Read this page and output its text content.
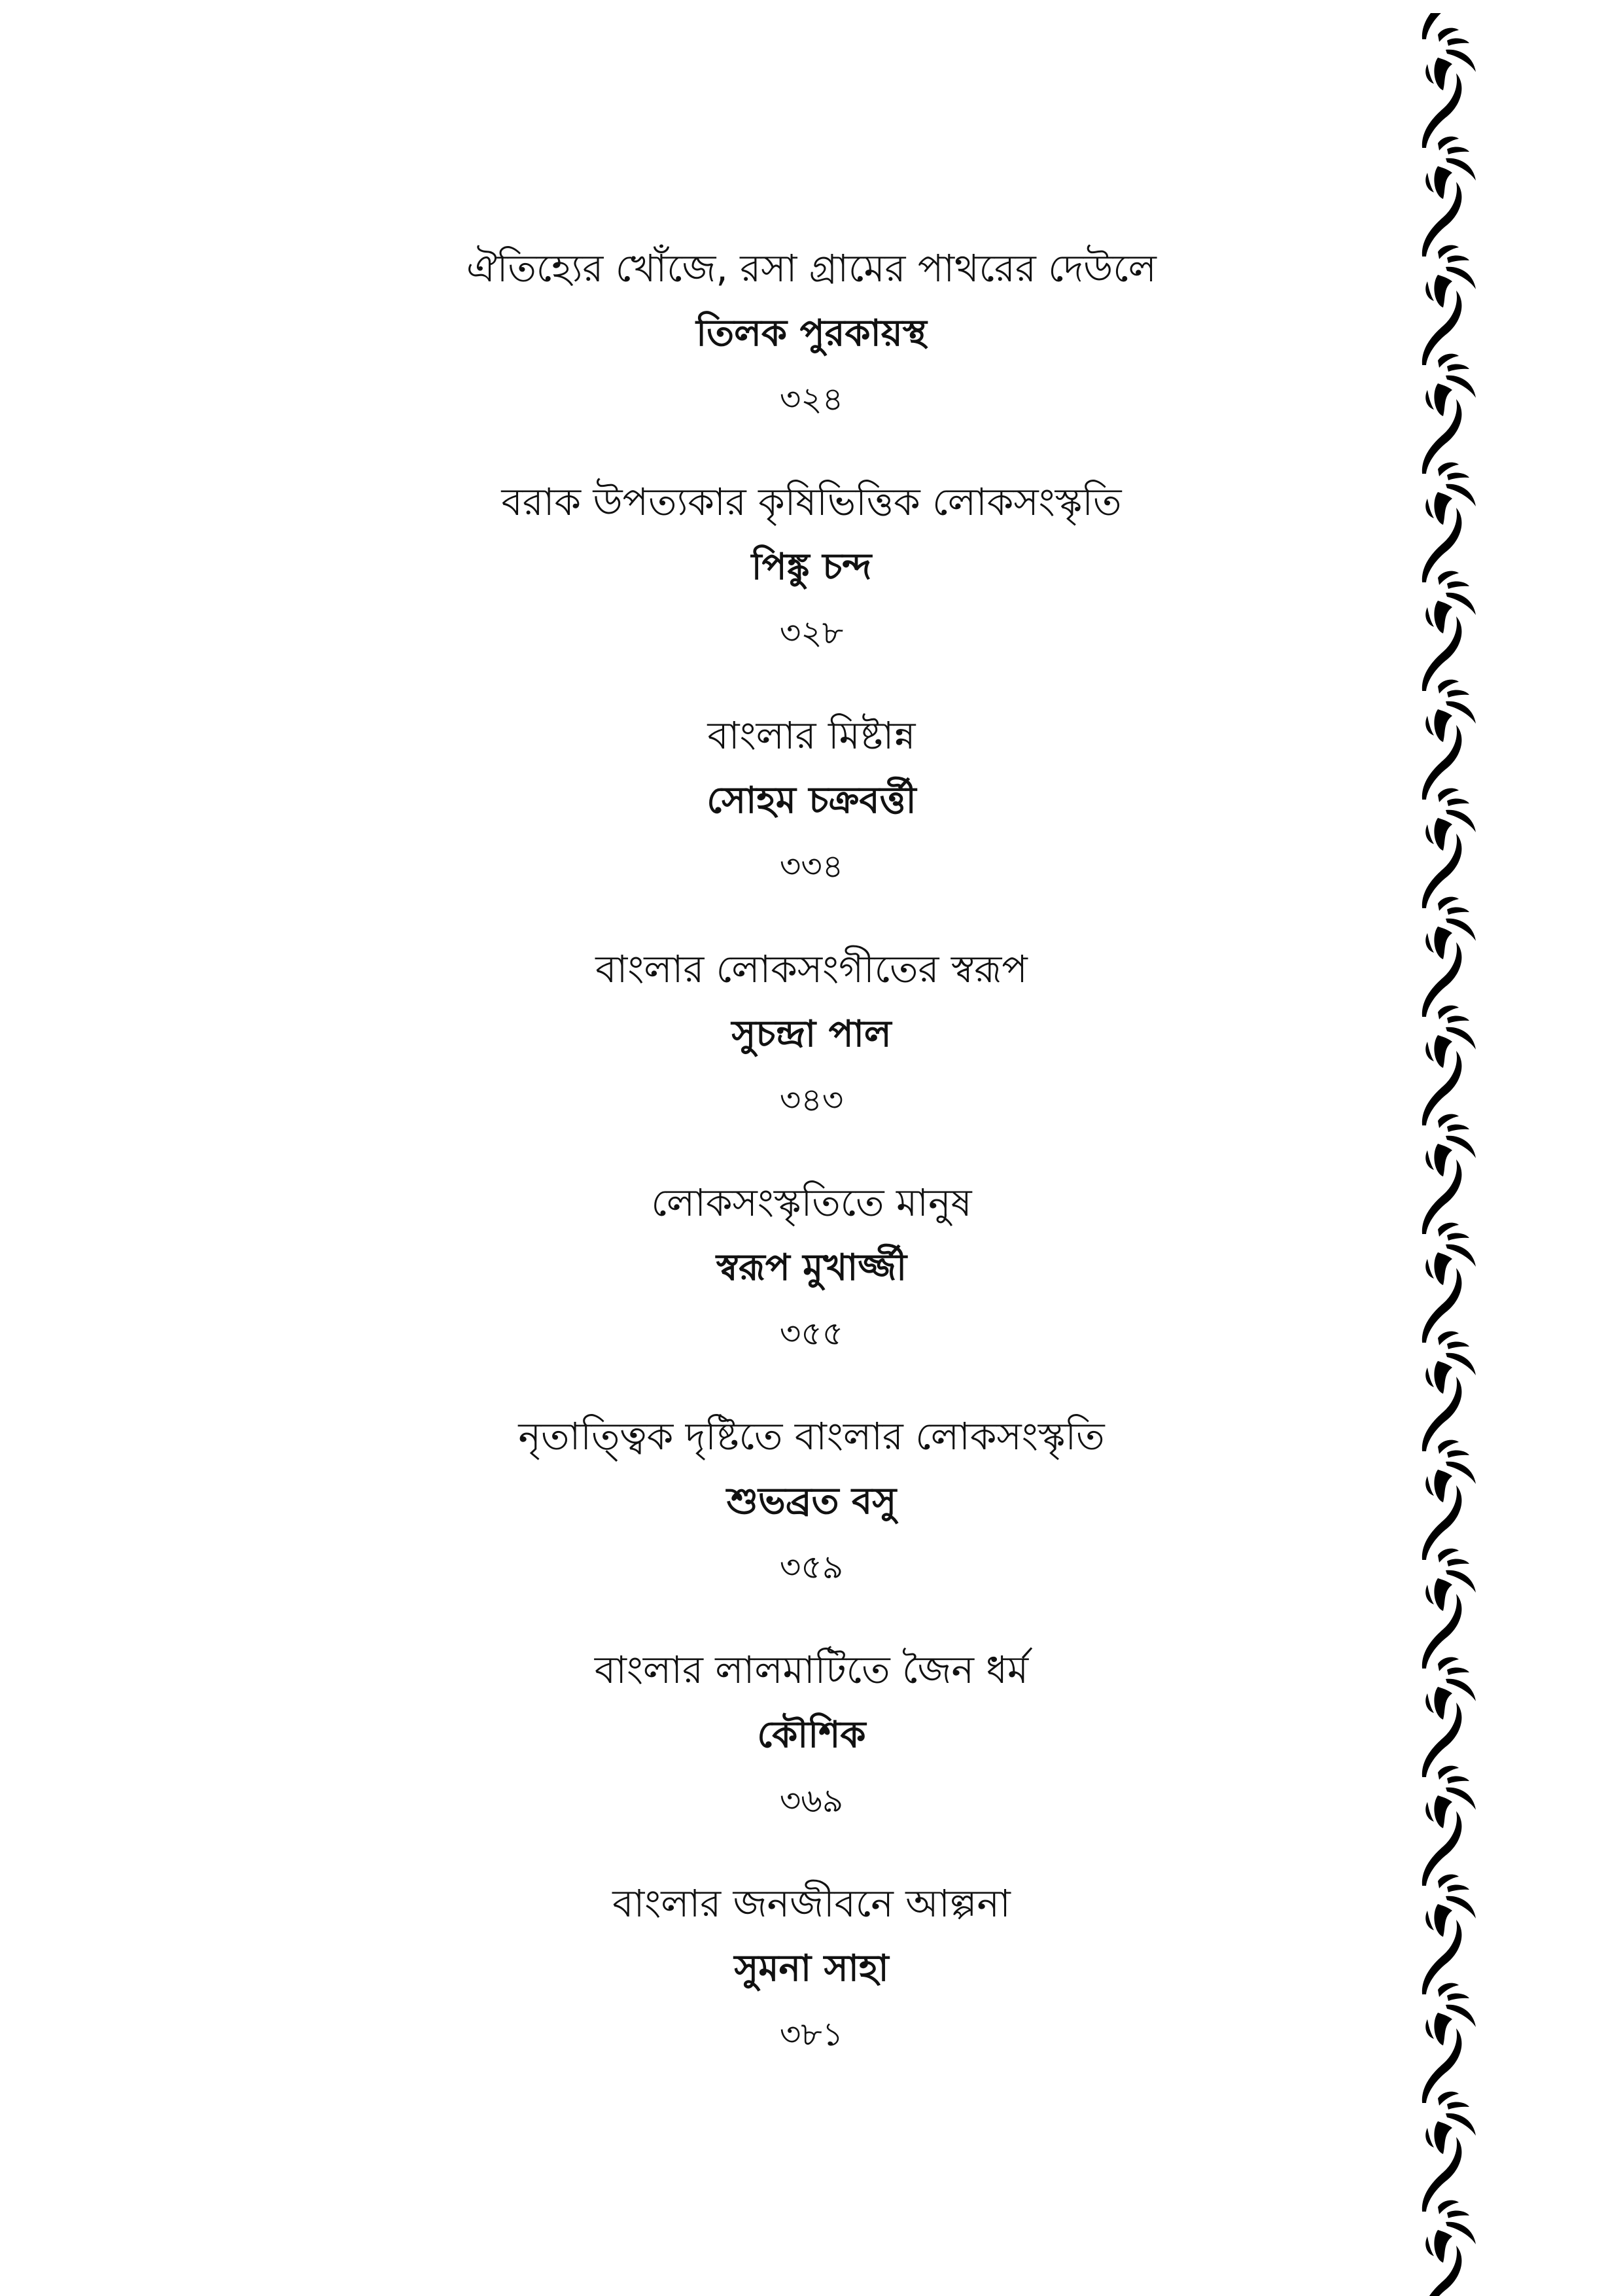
ঐতিহ্যের খোঁজে, রসা গ্রামের পাথরের দেউলে
তিলক পুরকায়স্থ
৩২৪
বরাক উপত্যকার কৃষিভিত্তিক লোকসংস্কৃতি
পিঙ্কু চন্দ
৩২৮
বাংলার মিষ্টান্ন
সোহম চক্রবর্ত্তী
৩৩৪
বাংলার লোকসংগীতের স্বরূপ
সুচন্দ্রা পাল
৩৪৩
লোকসংস্কৃতিতে মানুষ
স্বরূপ মুখার্জ্জী
৩৫৫
নৃতাত্ত্বিক দৃষ্টিতে বাংলার লোকসংস্কৃতি
শুভব্রত বসু
৩৫৯
বাংলার লালমাটিতে জৈন ধর্ম
কৌশিক
৩৬৯
বাংলার জনজীবনে আল্পনা
সুমনা সাহা
৩৮১
